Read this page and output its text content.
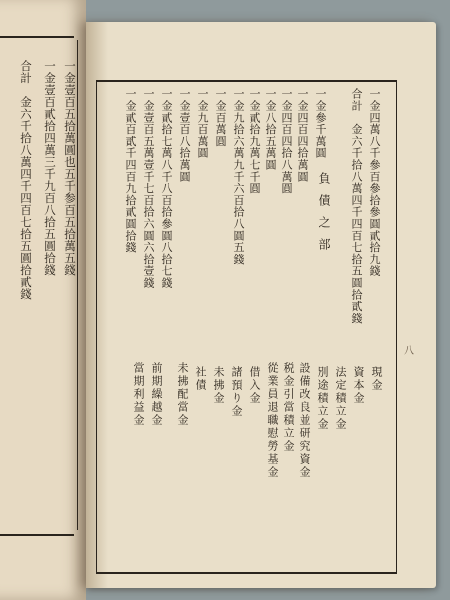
一金壹百五拾萬圓也五千参百五拾萬五錢
一金壹百貳拾四萬三千九百八拾五圓拾錢
合計　金六千拾八萬四千四百七拾五圓拾貳錢	一金四萬八千參百參拾參圓貳拾九錢
合計　金六千拾八萬四千四百七拾五圓拾貳錢
負債之部
現金
資本金
法定積立金
別途積立金
設備改良並研究資金
税金引當積立金
從業員退職慰勞基金
借入金
諸預り金
未拂金
社債
未拂配當金
前期繰越金
當期利益金
一金參千萬圓
一金四百四拾萬圓
一金四百四拾八萬圓
一金八拾五萬圓
一金貳拾九萬七千圓
一金九拾六萬九千六百拾八圓五錢
一金百萬圓
一金九百萬圓
一金壹百八拾萬圓
一金貳拾七萬八千八百拾參圓八拾七錢
一金壹百五萬壹千七百拾六圓六拾壹錢
一金貳百貳千四百九拾貳圓拾錢
八
